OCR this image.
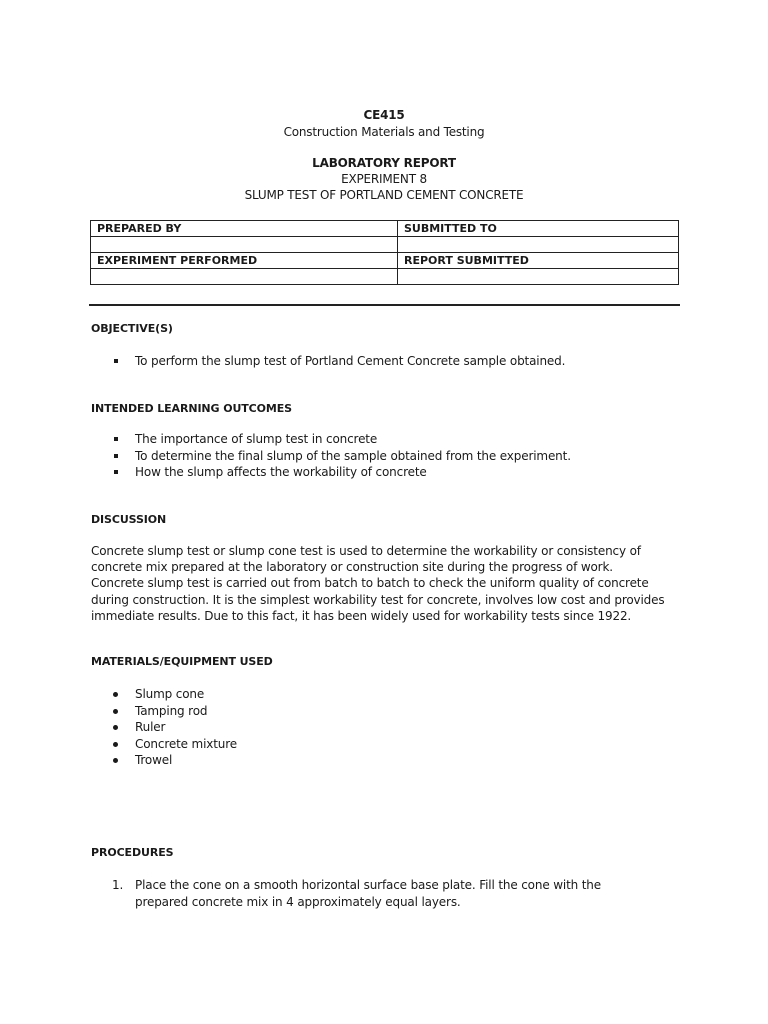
CE415
Construction Materials and Testing
LABORATORY REPORT
EXPERIMENT 8
SLUMP TEST OF PORTLAND CEMENT CONCRETE
PREPARED BY	SUBMITTED TO

EXPERIMENT PERFORMED	REPORT SUBMITTED

OBJECTIVE(S)
To perform the slump test of Portland Cement Concrete sample obtained.
INTENDED LEARNING OUTCOMES
The importance of slump test in concrete
To determine the final slump of the sample obtained from the experiment.
How the slump affects the workability of concrete
DISCUSSION
Concrete slump test or slump cone test is used to determine the workability or consistency of
concrete mix prepared at the laboratory or construction site during the progress of work.
Concrete slump test is carried out from batch to batch to check the uniform quality of concrete
during construction. It is the simplest workability test for concrete, involves low cost and provides
immediate results. Due to this fact, it has been widely used for workability tests since 1922.
MATERIALS/EQUIPMENT USED
Slump cone
Tamping rod
Ruler
Concrete mixture
Trowel
PROCEDURES
1. Place the cone on a smooth horizontal surface base plate. Fill the cone with the prepared concrete mix in 4 approximately equal layers.
